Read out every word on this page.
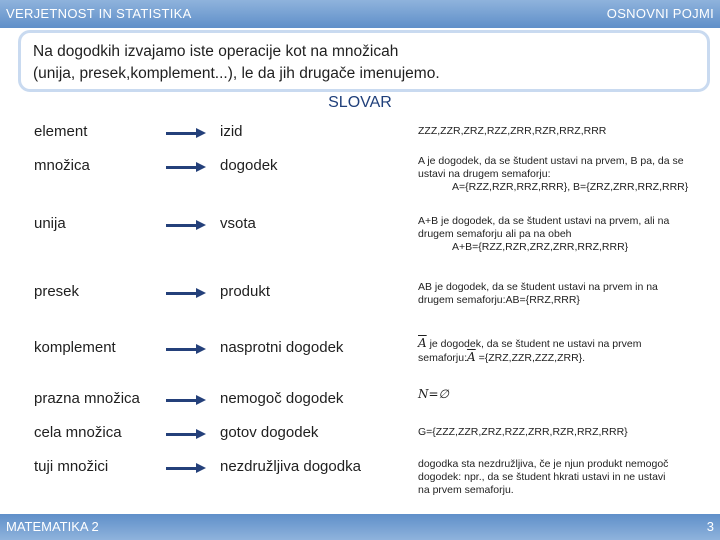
VERJETNOST IN STATISTIKA	OSNOVNI POJMI
Na dogodkih izvajamo iste operacije kot na množicah
(unija, presek,komplement...), le da jih drugače imenujemo.
SLOVAR
element	izid	ZZZ,ZZR,ZRZ,RZZ,ZRR,RZR,RRZ,RRR
množica	dogodek	A je dogodek, da se študent ustavi na prvem, B pa, da se
ustavi na drugem semaforju:
A={RZZ,RZR,RRZ,RRR}, B={ZRZ,ZRR,RRZ,RRR}
unija	vsota	A+B je dogodek, da se študent ustavi na prvem, ali na
drugem semaforju ali pa na obeh
A+B={RZZ,RZR,ZRZ,ZRR,RRZ,RRR}
presek	produkt	AB je dogodek, da se študent ustavi na prvem in na
drugem semaforju:AB={RRZ,RRR}
komplement	nasprotni dogodek	$\overline{A}$ je dogodek, da se študent ne ustavi na prvem
$semaforju:\overline{A} =\{ZRZ,ZZR,ZZZ,ZRR\}$.
prazna množica	nemogoč dogodek	N=∅
cela množica	gotov dogodek	G={ZZZ,ZZR,ZRZ,RZZ,ZRR,RZR,RRZ,RRR}
tuji množici	nezdružljiva dogodka	dogodka sta nezdružljiva, če je njun produkt nemogoč
dogodek: npr., da se študent hkrati ustavi in ne ustavi
na prvem semaforju.
MATEMATIKA 2	3
